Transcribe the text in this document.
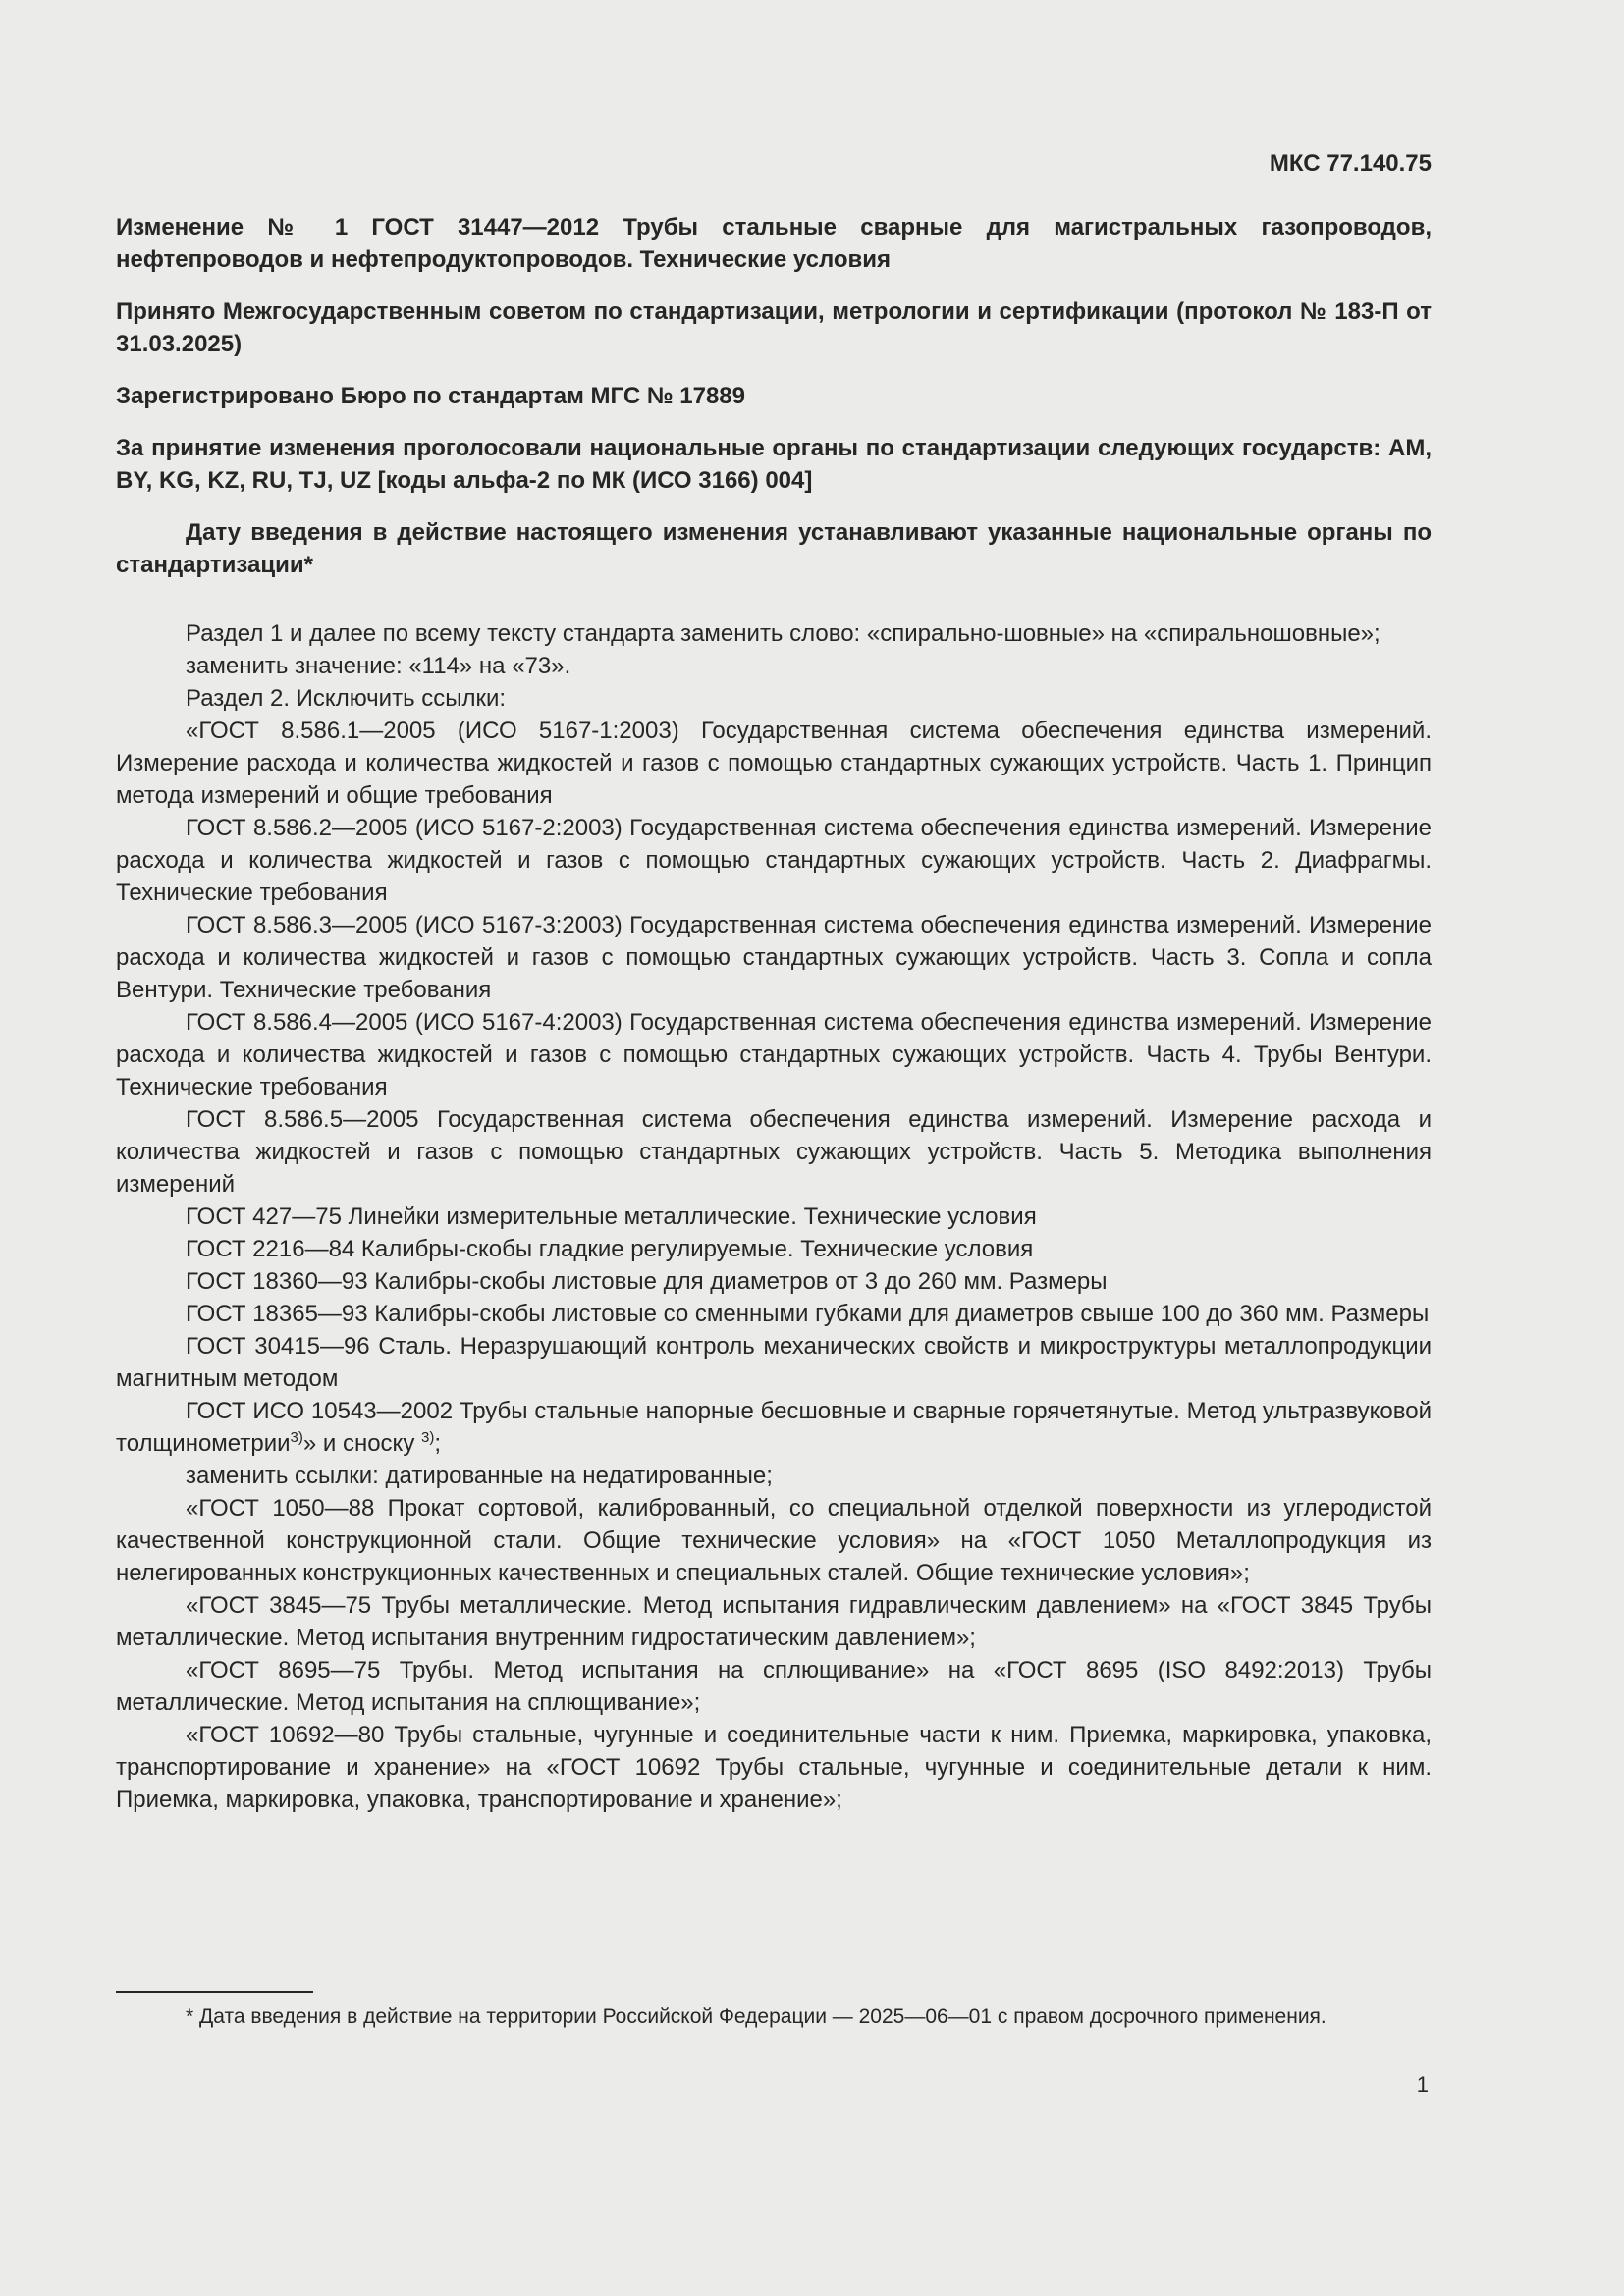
МКС 77.140.75
Изменение № 1 ГОСТ 31447—2012 Трубы стальные сварные для магистральных газопроводов, нефтепроводов и нефтепродуктопроводов. Технические условия
Принято Межгосударственным советом по стандартизации, метрологии и сертификации (протокол № 183-П от 31.03.2025)
Зарегистрировано Бюро по стандартам МГС № 17889
За принятие изменения проголосовали национальные органы по стандартизации следующих государств: AM, BY, KG, KZ, RU, TJ, UZ [коды альфа-2 по МК (ИСО 3166) 004]
Дату введения в действие настоящего изменения устанавливают указанные национальные органы по стандартизации*

Раздел 1 и далее по всему тексту стандарта заменить слово: «спирально-шовные» на «спиральношовные»;

заменить значение: «114» на «73».

Раздел 2. Исключить ссылки:

«ГОСТ 8.586.1—2005 (ИСО 5167-1:2003) Государственная система обеспечения единства измерений. Измерение расхода и количества жидкостей и газов с помощью стандартных сужающих устройств. Часть 1. Принцип метода измерений и общие требования

ГОСТ 8.586.2—2005 (ИСО 5167-2:2003) Государственная система обеспечения единства измерений. Измерение расхода и количества жидкостей и газов с помощью стандартных сужающих устройств. Часть 2. Диафрагмы. Технические требования

ГОСТ 8.586.3—2005 (ИСО 5167-3:2003) Государственная система обеспечения единства измерений. Измерение расхода и количества жидкостей и газов с помощью стандартных сужающих устройств. Часть 3. Сопла и сопла Вентури. Технические требования

ГОСТ 8.586.4—2005 (ИСО 5167-4:2003) Государственная система обеспечения единства измерений. Измерение расхода и количества жидкостей и газов с помощью стандартных сужающих устройств. Часть 4. Трубы Вентури. Технические требования

ГОСТ 8.586.5—2005 Государственная система обеспечения единства измерений. Измерение расхода и количества жидкостей и газов с помощью стандартных сужающих устройств. Часть 5. Методика выполнения измерений

ГОСТ 427—75 Линейки измерительные металлические. Технические условия

ГОСТ 2216—84 Калибры-скобы гладкие регулируемые. Технические условия

ГОСТ 18360—93 Калибры-скобы листовые для диаметров от 3 до 260 мм. Размеры

ГОСТ 18365—93 Калибры-скобы листовые со сменными губками для диаметров свыше 100 до 360 мм. Размеры

ГОСТ 30415—96 Сталь. Неразрушающий контроль механических свойств и микроструктуры металлопродукции магнитным методом

ГОСТ ИСО 10543—2002 Трубы стальные напорные бесшовные и сварные горячетянутые. Метод ультразвуковой толщинометрии$^{3)}$» и сноску $^{3)}$;

заменить ссылки: датированные на недатированные;

«ГОСТ 1050—88 Прокат сортовой, калиброванный, со специальной отделкой поверхности из углеродистой качественной конструкционной стали. Общие технические условия» на «ГОСТ 1050 Металлопродукция из нелегированных конструкционных качественных и специальных сталей. Общие технические условия»;

«ГОСТ 3845—75 Трубы металлические. Метод испытания гидравлическим давлением» на «ГОСТ 3845 Трубы металлические. Метод испытания внутренним гидростатическим давлением»;

«ГОСТ 8695—75 Трубы. Метод испытания на сплющивание» на «ГОСТ 8695 (ISO 8492:2013) Трубы металлические. Метод испытания на сплющивание»;

«ГОСТ 10692—80 Трубы стальные, чугунные и соединительные части к ним. Приемка, маркировка, упаковка, транспортирование и хранение» на «ГОСТ 10692 Трубы стальные, чугунные и соединительные детали к ним. Приемка, маркировка, упаковка, транспортирование и хранение»;

* Дата введения в действие на территории Российской Федерации — 2025—06—01 с правом досрочного применения.

1
